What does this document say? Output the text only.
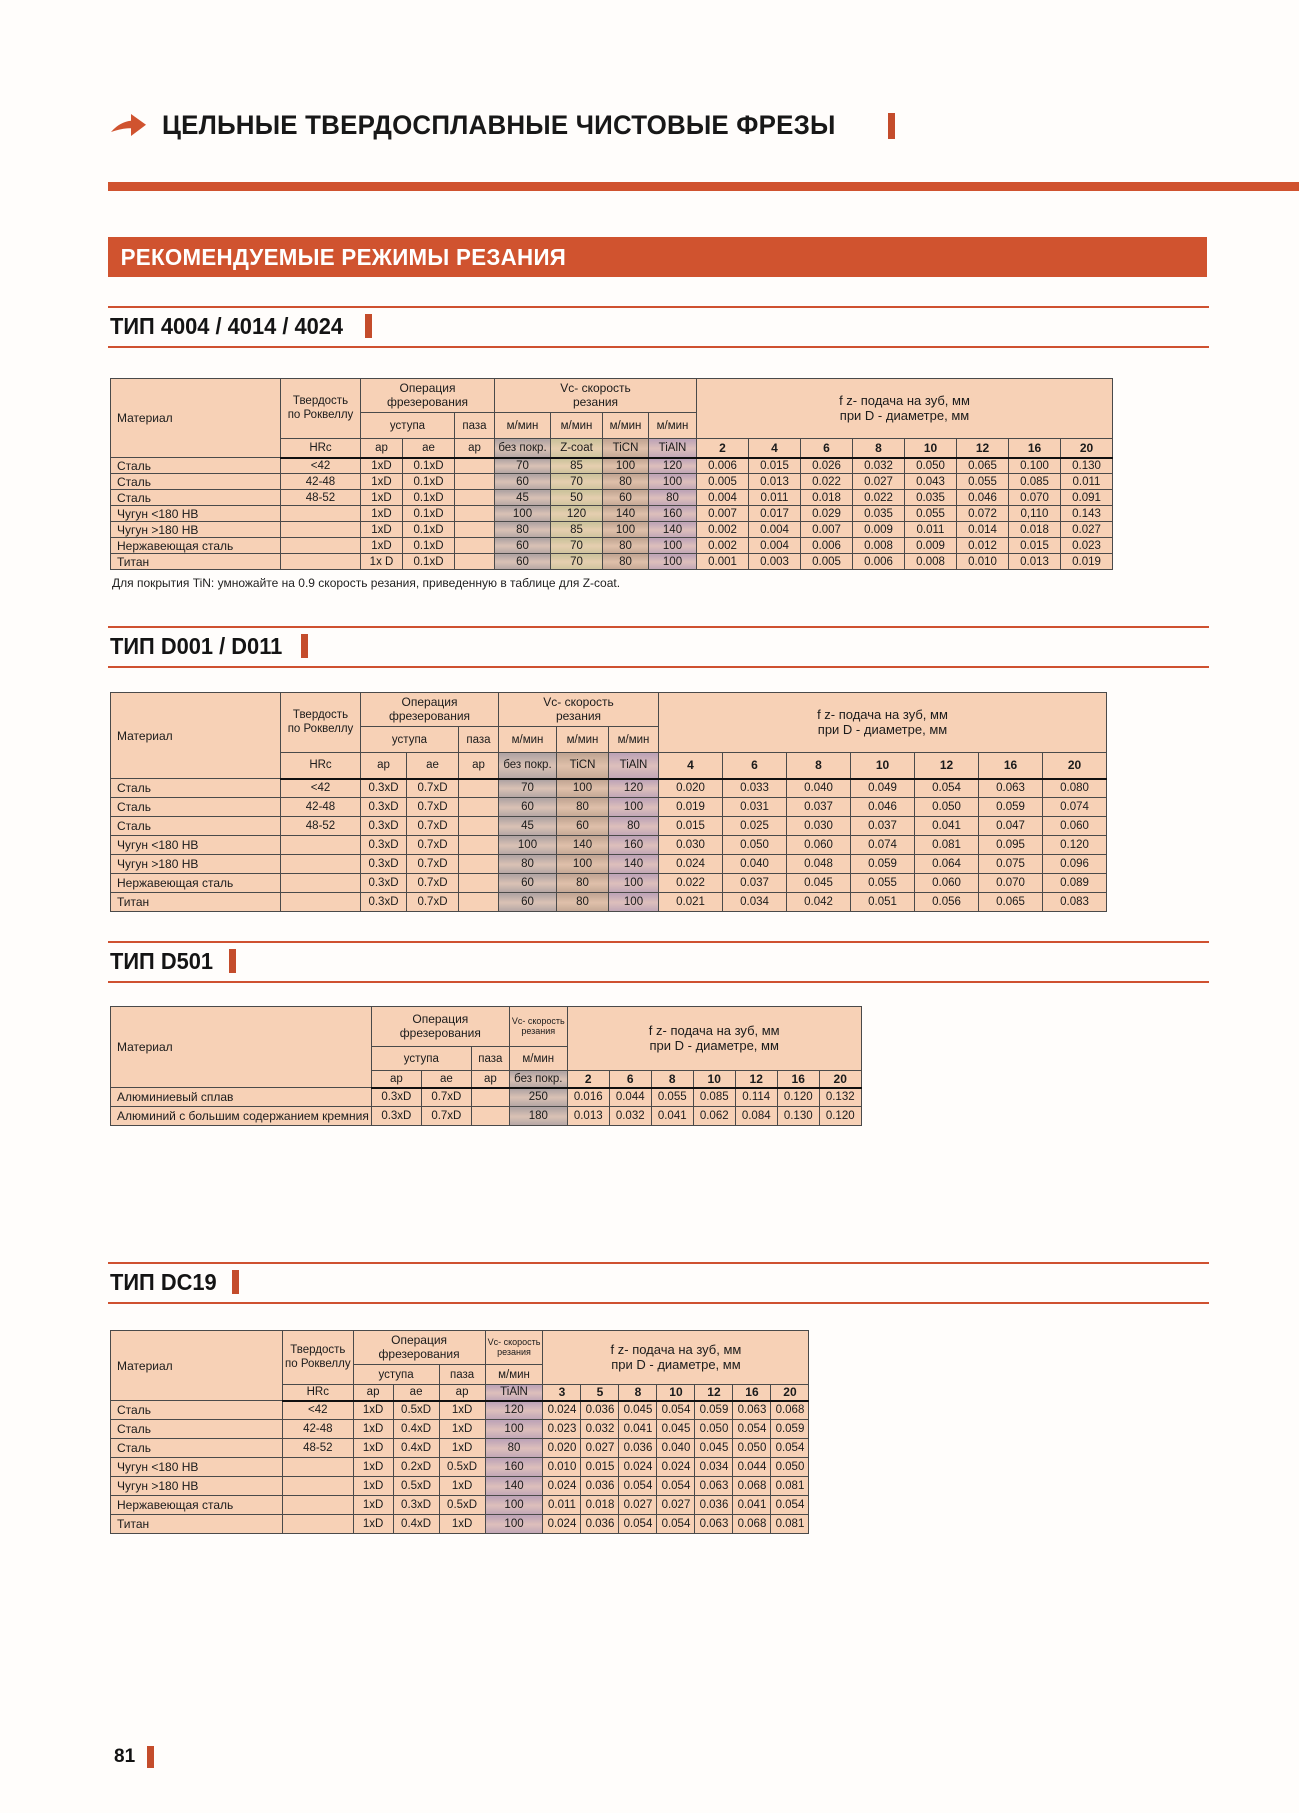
ЦЕЛЬНЫЕ ТВЕРДОСПЛАВНЫЕ ЧИСТОВЫЕ ФРЕЗЫ
РЕКОМЕНДУЕМЫЕ РЕЖИМЫ РЕЗАНИЯ
ТИП 4004 / 4014 / 4024
ТИП D001 / D011
ТИП D501
ТИП DC19
Материал	
Твердость
по Роквеллу

Операция
фрезерования

Vc- скорость
резания	f z- подача на зуб, мм
при D - диаметре, мм

		уступа		паза	м/мин	м/мин	м/мин	м/мин								
	HRc	ap	ae	ap	без покр.	Z-coat	TiCN	TiAlN	2	4	6	8	10	12	16	20
Сталь	<42	1xD	0.1xD		70	85	100	120	0.006	0.015	0.026	0.032	0.050	0.065	0.100	0.130
Сталь	42-48	1xD	0.1xD		60	70	80	100	0.005	0.013	0.022	0.027	0.043	0.055	0.085	0.011
Сталь	48-52	1xD	0.1xD		45	50	60	80	0.004	0.011	0.018	0.022	0.035	0.046	0.070	0.091
Чугун <180 НВ		1xD	0.1xD		100	120	140	160	0.007	0.017	0.029	0.035	0.055	0.072	0,110	0.143
Чугун >180 НВ		1xD	0.1xD		80	85	100	140	0.002	0.004	0.007	0.009	0.011	0.014	0.018	0.027
Нержавеющая сталь		1xD	0.1xD		60	70	80	100	0.002	0.004	0.006	0.008	0.009	0.012	0.015	0.023
Титан		1x D	0.1xD		60	70	80	100	0.001	0.003	0.005	0.006	0.008	0.010	0.013	0.019
Для покрытия TiN: умножайте на 0.9 скорость резания, приведенную в таблице для Z-coat.
Материал	
Твердость
по Роквеллу

Операция
фрезерования

Vc- скорость
резания	f z- подача на зуб, мм
при D - диаметре, мм

		уступа		паза	м/мин	м/мин	м/мин							
	HRc	ap	ae	ap	без покр.	TiCN	TiAlN	4	6	8	10	12	16	20
Сталь	<42	0.3xD	0.7xD		70	100	120	0.020	0.033	0.040	0.049	0.054	0.063	0.080
Сталь	42-48	0.3xD	0.7xD		60	80	100	0.019	0.031	0.037	0.046	0.050	0.059	0.074
Сталь	48-52	0.3xD	0.7xD		45	60	80	0.015	0.025	0.030	0.037	0.041	0.047	0.060
Чугун <180 НВ		0.3xD	0.7xD		100	140	160	0.030	0.050	0.060	0.074	0.081	0.095	0.120
Чугун >180 НВ		0.3xD	0.7xD		80	100	140	0.024	0.040	0.048	0.059	0.064	0.075	0.096
Нержавеющая сталь		0.3xD	0.7xD		60	80	100	0.022	0.037	0.045	0.055	0.060	0.070	0.089
Титан		0.3xD	0.7xD		60	80	100	0.021	0.034	0.042	0.051	0.056	0.065	0.083
Материал	
Операция
фрезерования

Vc- скорость
резания	f z- подача на зуб, мм
при D - диаметре, мм

	уступа		паза	м/мин							
	ap	ae	ap	без покр.	2	6	8	10	12	16	20
Алюминиевый сплав	0.3xD	0.7xD		250	0.016	0.044	0.055	0.085	0.114	0.120	0.132
Алюминий с большим содержанием кремния	0.3xD	0.7xD		180	0.013	0.032	0.041	0.062	0.084	0.130	0.120
Материал	
Твердость
по Роквеллу

Операция
фрезерования

Vc- скорость
резания	f z- подача на зуб, мм
при D - диаметре, мм

		уступа		паза	м/мин							
	HRc	ap	ae	ap	TiAlN	3	5	8	10	12	16	20
Сталь	<42	1xD	0.5xD	1xD	120	0.024	0.036	0.045	0.054	0.059	0.063	0.068
Сталь	42-48	1xD	0.4xD	1xD	100	0.023	0.032	0.041	0.045	0.050	0.054	0.059
Сталь	48-52	1xD	0.4xD	1xD	80	0.020	0.027	0.036	0.040	0.045	0.050	0.054
Чугун <180 НВ		1xD	0.2xD	0.5xD	160	0.010	0.015	0.024	0.024	0.034	0.044	0.050
Чугун >180 НВ		1xD	0.5xD	1xD	140	0.024	0.036	0.054	0.054	0.063	0.068	0.081
Нержавеющая сталь		1xD	0.3xD	0.5xD	100	0.011	0.018	0.027	0.027	0.036	0.041	0.054
Титан		1xD	0.4xD	1xD	100	0.024	0.036	0.054	0.054	0.063	0.068	0.081
81
